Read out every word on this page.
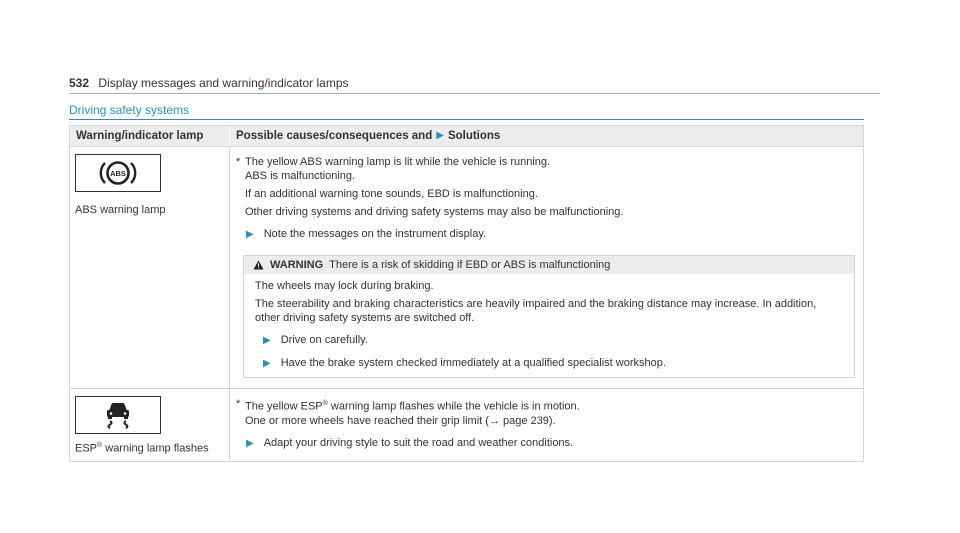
532 Display messages and warning/indicator lamps
Driving safety systems
Warning/indicator lamp	Possible causes/consequences and ▶ Solutions
ABS
ABS warning lamp
* The yellow ABS warning lamp is lit while the vehicle is running.

ABS is malfunctioning.

If an additional warning tone sounds, EBD is malfunctioning.

Other driving systems and driving safety systems may also be malfunctioning.

▶ Note the messages on the instrument display.
WARNING There is a risk of skidding if EBD or ABS is malfunctioning

The wheels may lock during braking.

The steerability and braking characteristics are heavily impaired and the braking distance may increase. In addition, other driving safety systems are switched off.

▶ Drive on carefully.
▶ Have the brake system checked immediately at a qualified specialist workshop.
ESP® warning lamp flashes
* The yellow ESP® warning lamp flashes while the vehicle is in motion.

One or more wheels have reached their grip limit (→ page 239).

▶ Adapt your driving style to suit the road and weather conditions.
